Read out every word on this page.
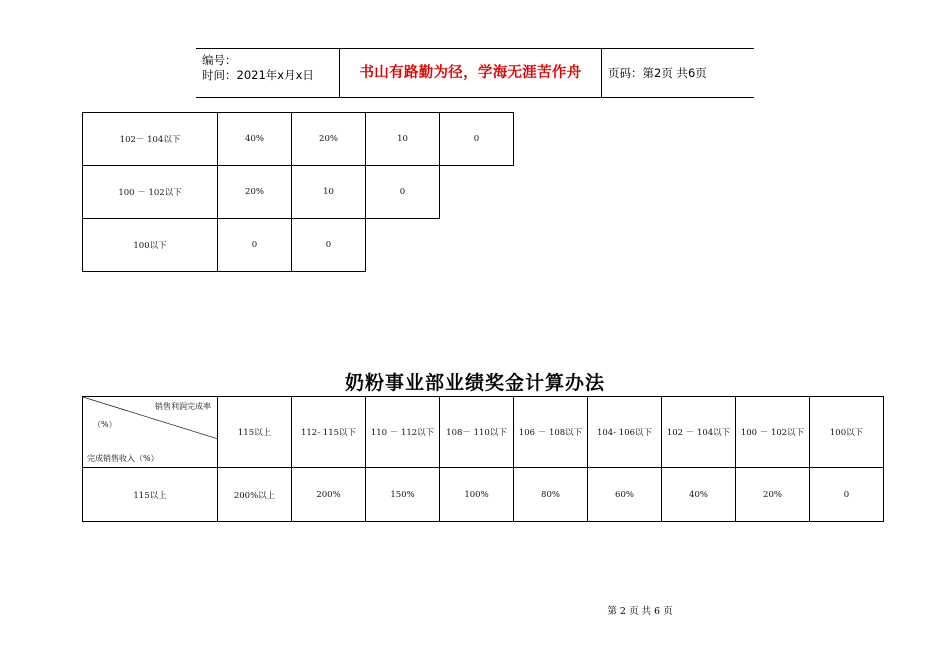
编号：
时间：2021年x月x日	书山有路勤为径，学海无涯苦作舟	页码：第2页 共6页
102－ 104以下	40%	20%	10	0
100 － 102以下	20%	10	0
100以下	0	0
奶粉事业部业绩奖金计算办法
销售利润完成率
（%）
完成销售收入（%）	115以上	112- 115以下	110 － 112以下	108－ 110以下	106 － 108以下	104- 106以下	102 － 104以下	100 － 102以下	100以下
115以上	200%以上	200%	150%	100%	80%	60%	40%	20%	0
第 2 页 共 6 页
